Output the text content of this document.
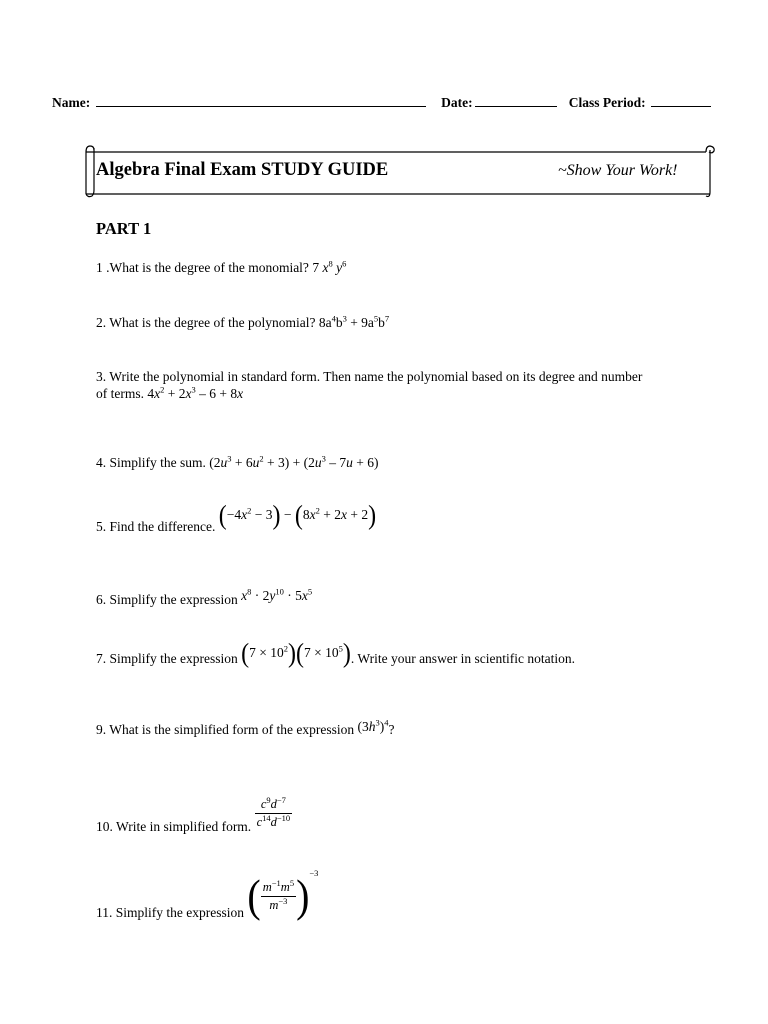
Name:	Date:	Class Period:
Algebra Final Exam STUDY GUIDE	~Show Your Work!
PART 1
1 .What is the degree of the monomial? 7 $x^8$ $y^6$
2. What is the degree of the polynomial? $8a^4b^3 + 9a^5b^7$
3. Write the polynomial in standard form. Then name the polynomial based on its degree and number
of terms. $4x^2 + 2x^3 - 6 + 8x$
4. Simplify the sum. $(2u^3 + 6u^2 + 3) + (2u^3 - 7u + 6)$
5. Find the difference. $(-4x^2 - 3) - (8x^2 + 2x + 2)$
6. Simplify the expression $x^8 \cdot 2y^{10} \cdot 5x^5$
7. Simplify the expression $(7 \times 10^2)(7 \times 10^5)$. Write your answer in scientific notation.
9. What is the simplified form of the expression $(3h^3)^4$?
10. Write in simplified form. $\frac{c^9d^{-7}}{c^{14}d^{-10}}$
11. Simplify the expression ( $\frac{m^{-1}m^5}{m^{-3}} )^{-3}$
